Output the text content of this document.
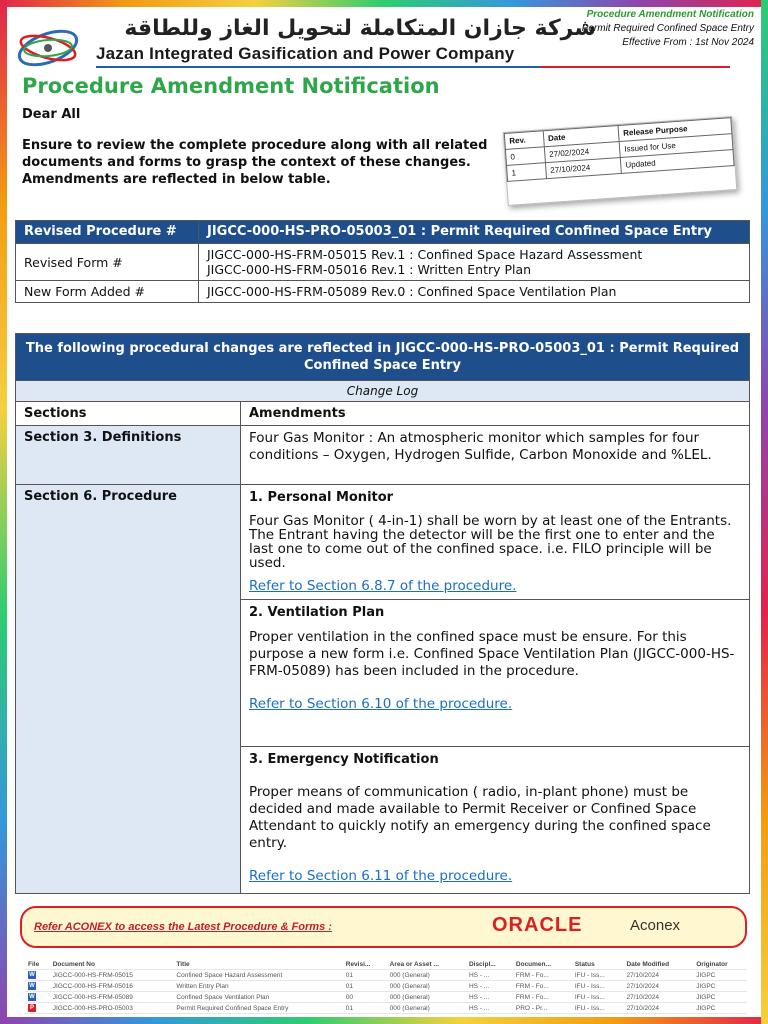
شركة جازان المتكاملة لتحويل الغاز وللطاقة
Jazan Integrated Gasification and Power Company
Procedure Amendment Notification
Permit Required Confined Space Entry
Effective From : 1st Nov 2024
Procedure Amendment Notification
Dear All
Ensure to review the complete procedure along with all related documents and forms to grasp the context of these changes. Amendments are reflected in below table.
Rev.	Date	Release Purpose
0	27/02/2024	Issued for Use
1	27/10/2024	Updated
Revised Procedure #	JIGCC-000-HS-PRO-05003_01 : Permit Required Confined Space Entry
Revised Form #	JIGCC-000-HS-FRM-05015 Rev.1 : Confined Space Hazard Assessment
JIGCC-000-HS-FRM-05016 Rev.1 : Written Entry Plan

New Form Added #	JIGCC-000-HS-FRM-05089 Rev.0 : Confined Space Ventilation Plan
The following procedural changes are reflected in JIGCC-000-HS-PRO-05003_01 : Permit Required Confined Space Entry	
Change Log	
Sections	Amendments
Section 3. Definitions	Four Gas Monitor : An atmospheric monitor which samples for four conditions – Oxygen, Hydrogen Sulfide, Carbon Monoxide and %LEL.
Section 6. Procedure	1. Personal Monitor
Four Gas Monitor ( 4-in-1) shall be worn by at least one of the Entrants. The Entrant having the detector will be the first one to enter and the last one to come out of the confined space. i.e. FILO principle will be used.
Refer to Section 6.8.7 of the procedure.

	2. Ventilation Plan
Proper ventilation in the confined space must be ensure. For this purpose a new form i.e. Confined Space Ventilation Plan (JIGCC-000-HS-FRM-05089) has been included in the procedure.
Refer to Section 6.10 of the procedure.

	3. Emergency Notification
Proper means of communication ( radio, in-plant phone) must be decided and made available to Permit Receiver or Confined Space Attendant to quickly notify an emergency during the confined space entry.
Refer to Section 6.11 of the procedure.
Refer ACONEX to access the Latest Procedure & Forms :	ORACLE	Aconex
File	Document No	Title	Revisi...	Area or Asset ...	Discipl...	Documen...	Status	Date Modified	Originator
W	JIGCC-000-HS-FRM-05015	Confined Space Hazard Assessment	01	000 (General)	HS - ...	FRM - Fo...	IFU - Iss...	27/10/2024	JIGPC
W	JIGCC-000-HS-FRM-05016	Written Entry Plan	01	000 (General)	HS - ...	FRM - Fo...	IFU - Iss...	27/10/2024	JIGPC
W	JIGCC-000-HS-FRM-05089	Confined Space Ventilation Plan	00	000 (General)	HS - ...	FRM - Fo...	IFU - Iss...	27/10/2024	JIGPC
P	JIGCC-000-HS-PRO-05003	Permit Required Confined Space Entry	01	000 (General)	HS - ...	PRO - Pr...	IFU - Iss...	27/10/2024	JIGPC
